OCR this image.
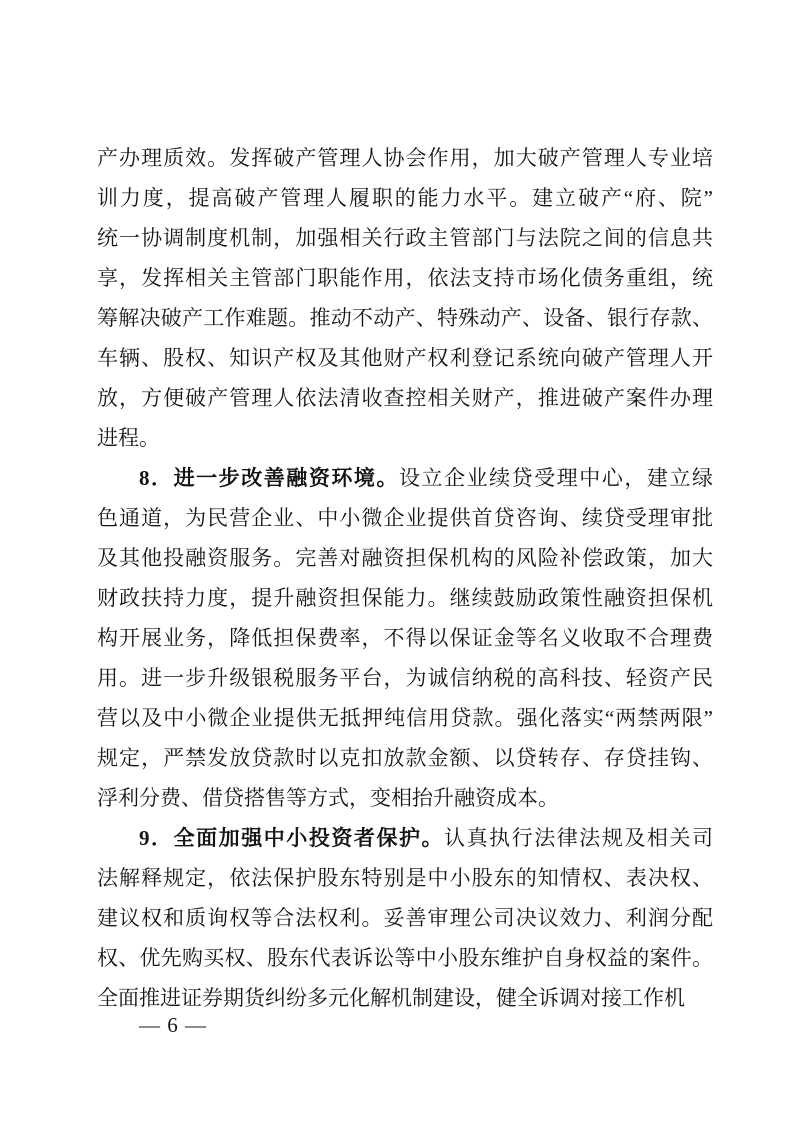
产办理质效。发挥破产管理人协会作用，加大破产管理人专业培
训力度，提高破产管理人履职的能力水平。建立破产“府、院”
统一协调制度机制，加强相关行政主管部门与法院之间的信息共
享，发挥相关主管部门职能作用，依法支持市场化债务重组，统
筹解决破产工作难题。推动不动产、特殊动产、设备、银行存款、
车辆、股权、知识产权及其他财产权利登记系统向破产管理人开
放，方便破产管理人依法清收查控相关财产，推进破产案件办理
进程。
8．进一步改善融资环境。设立企业续贷受理中心，建立绿
色通道，为民营企业、中小微企业提供首贷咨询、续贷受理审批
及其他投融资服务。完善对融资担保机构的风险补偿政策，加大
财政扶持力度，提升融资担保能力。继续鼓励政策性融资担保机
构开展业务，降低担保费率，不得以保证金等名义收取不合理费
用。进一步升级银税服务平台，为诚信纳税的高科技、轻资产民
营以及中小微企业提供无抵押纯信用贷款。强化落实“两禁两限”
规定，严禁发放贷款时以克扣放款金额、以贷转存、存贷挂钩、
浮利分费、借贷搭售等方式，变相抬升融资成本。
9．全面加强中小投资者保护。认真执行法律法规及相关司
法解释规定，依法保护股东特别是中小股东的知情权、表决权、
建议权和质询权等合法权利。妥善审理公司决议效力、利润分配
权、优先购买权、股东代表诉讼等中小股东维护自身权益的案件。
全面推进证券期货纠纷多元化解机制建设，健全诉调对接工作机
— 6 —
